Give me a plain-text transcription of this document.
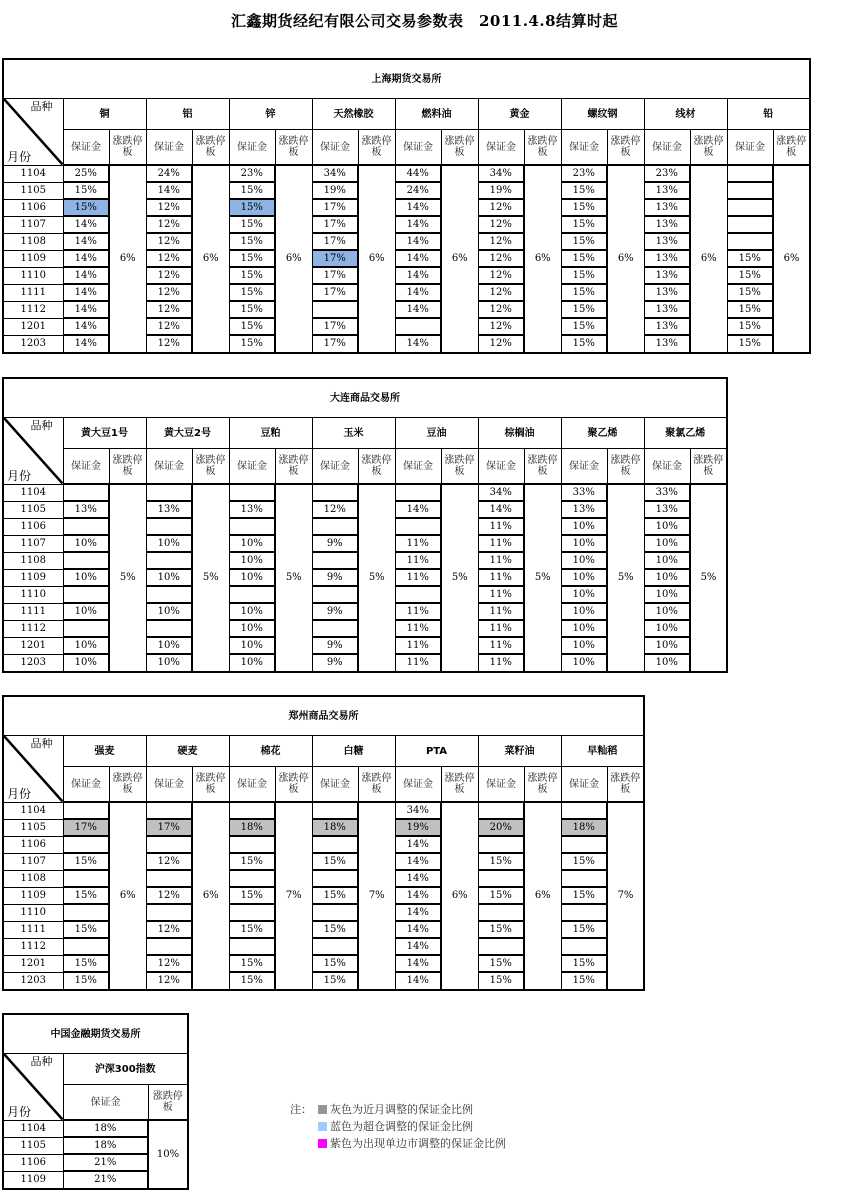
汇鑫期货经纪有限公司交易参数表　2011.4.8结算时起
上海期货交易所																		

品种
月份	铜		铝		锌		天然橡胶		燃料油		黄金		螺纹钢		线材		铅	
	保证金	涨跌停板	保证金	涨跌停板	保证金	涨跌停板	保证金	涨跌停板	保证金	涨跌停板	保证金	涨跌停板	保证金	涨跌停板	保证金	涨跌停板	保证金	涨跌停板
1104	25%	6%	24%	6%	23%	6%	34%	6%	44%	6%	34%	6%	23%	6%	23%	6%		6%
1105	15%		14%		15%		19%		24%		19%		15%		13%			
1106	15%		12%		15%		17%		14%		12%		15%		13%			
1107	14%		12%		15%		17%		14%		12%		15%		13%			
1108	14%		12%		15%		17%		14%		12%		15%		13%			
1109	14%		12%		15%		17%		14%		12%		15%		13%		15%	
1110	14%		12%		15%		17%		14%		12%		15%		13%		15%	
1111	14%		12%		15%		17%		14%		12%		15%		13%		15%	
1112	14%		12%		15%				14%		12%		15%		13%		15%	
1201	14%		12%		15%		17%				12%		15%		13%		15%	
1203	14%		12%		15%		17%		14%		12%		15%		13%		15%	
大连商品交易所																

品种
月份	黄大豆1号		黄大豆2号		豆粕		玉米		豆油		棕榈油		聚乙烯		聚氯乙烯	
	保证金	涨跌停板	保证金	涨跌停板	保证金	涨跌停板	保证金	涨跌停板	保证金	涨跌停板	保证金	涨跌停板	保证金	涨跌停板	保证金	涨跌停板
1104		5%		5%		5%		5%		5%	34%	5%	33%	5%	33%	5%
1105	13%		13%		13%		12%		14%		14%		13%		13%	
1106											11%		10%		10%	
1107	10%		10%		10%		9%		11%		11%		10%		10%	
1108					10%				11%		11%		10%		10%	
1109	10%		10%		10%		9%		11%		11%		10%		10%	
1110											11%		10%		10%	
1111	10%		10%		10%		9%		11%		11%		10%		10%	
1112					10%				11%		11%		10%		10%	
1201	10%		10%		10%		9%		11%		11%		10%		10%	
1203	10%		10%		10%		9%		11%		11%		10%		10%	
郑州商品交易所														

品种
月份	强麦		硬麦		棉花		白糖		PTA		菜籽油		早籼稻	
	保证金	涨跌停板	保证金	涨跌停板	保证金	涨跌停板	保证金	涨跌停板	保证金	涨跌停板	保证金	涨跌停板	保证金	涨跌停板
1104		6%		6%		7%		7%	34%	6%		6%		7%
1105	17%		17%		18%		18%		19%		20%		18%	
1106									14%					
1107	15%		12%		15%		15%		14%		15%		15%	
1108									14%					
1109	15%		12%		15%		15%		14%		15%		15%	
1110									14%					
1111	15%		12%		15%		15%		14%		15%		15%	
1112									14%					
1201	15%		12%		15%		15%		14%		15%		15%	
1203	15%		12%		15%		15%		14%		15%		15%	
中国金融期货交易所		

品种
月份	沪深300指数	
	保证金	涨跌停板
1104	18%	10%
1105	18%	
1106	21%	
1109	21%	
注：	灰色为近月调整的保证金比例
蓝色为超仓调整的保证金比例
紫色为出现单边市调整的保证金比例
